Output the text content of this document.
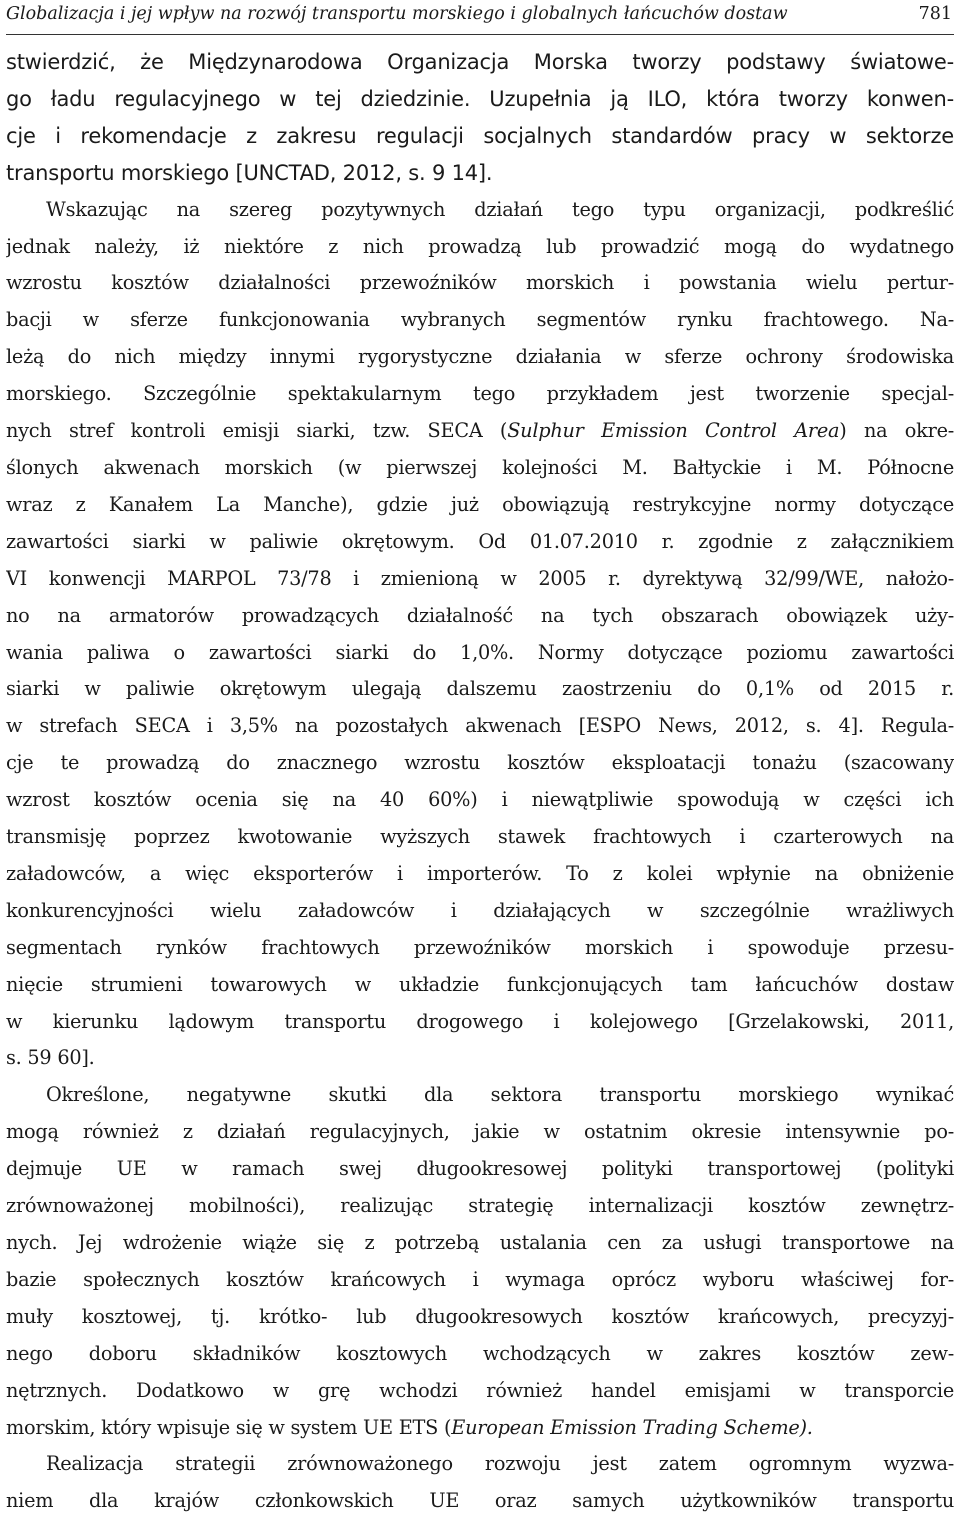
Globalizacja i jej wpływ na rozwój transportu morskiego i globalnych łańcuchów dostaw	781
stwierdzić, że Międzynarodowa Organizacja Morska tworzy podstawy światowe-
go ładu regulacyjnego w tej dziedzinie. Uzupełnia ją ILO, która tworzy konwen-
cje i rekomendacje z zakresu regulacji socjalnych standardów pracy w sektorze
transportu morskiego [UNCTAD, 2012, s. 9 14].
Wskazując na szereg pozytywnych działań tego typu organizacji, podkreślić
jednak należy, iż niektóre z nich prowadzą lub prowadzić mogą do wydatnego
wzrostu kosztów działalności przewoźników morskich i powstania wielu pertur-
bacji w sferze funkcjonowania wybranych segmentów rynku frachtowego. Na-
leżą do nich między innymi rygorystyczne działania w sferze ochrony środowiska
morskiego. Szczególnie spektakularnym tego przykładem jest tworzenie specjal-
nych stref kontroli emisji siarki, tzw. SECA (Sulphur Emission Control Area) na okre-
ślonych akwenach morskich (w pierwszej kolejności M. Bałtyckie i M. Północne
wraz z Kanałem La Manche), gdzie już obowiązują restrykcyjne normy dotyczące
zawartości siarki w paliwie okrętowym. Od 01.07.2010 r. zgodnie z załącznikiem
VI konwencji MARPOL 73/78 i zmienioną w 2005 r. dyrektywą 32/99/WE, nałożo-
no na armatorów prowadzących działalność na tych obszarach obowiązek uży-
wania paliwa o zawartości siarki do 1,0%. Normy dotyczące poziomu zawartości
siarki w paliwie okrętowym ulegają dalszemu zaostrzeniu do 0,1% od 2015 r.
w strefach SECA i 3,5% na pozostałych akwenach [ESPO News, 2012, s. 4]. Regula-
cje te prowadzą do znacznego wzrostu kosztów eksploatacji tonażu (szacowany
wzrost kosztów ocenia się na 40 60%) i niewątpliwie spowodują w części ich
transmisję poprzez kwotowanie wyższych stawek frachtowych i czarterowych na
załadowców, a więc eksporterów i importerów. To z kolei wpłynie na obniżenie
konkurencyjności wielu załadowców i działających w szczególnie wrażliwych
segmentach rynków frachtowych przewoźników morskich i spowoduje przesu-
nięcie strumieni towarowych w układzie funkcjonujących tam łańcuchów dostaw
w kierunku lądowym transportu drogowego i kolejowego [Grzelakowski, 2011,
s. 59 60].
Określone, negatywne skutki dla sektora transportu morskiego wynikać
mogą również z działań regulacyjnych, jakie w ostatnim okresie intensywnie po-
dejmuje UE w ramach swej długookresowej polityki transportowej (polityki
zrównoważonej mobilności), realizując strategię internalizacji kosztów zewnętrz-
nych. Jej wdrożenie wiąże się z potrzebą ustalania cen za usługi transportowe na
bazie społecznych kosztów krańcowych i wymaga oprócz wyboru właściwej for-
muły kosztowej, tj. krótko- lub długookresowych kosztów krańcowych, precyzyj-
nego doboru składników kosztowych wchodzących w zakres kosztów zew-
nętrznych. Dodatkowo w grę wchodzi również handel emisjami w transporcie
morskim, który wpisuje się w system UE ETS (European Emission Trading Scheme).
Realizacja strategii zrównoważonego rozwoju jest zatem ogromnym wyzwa-
niem dla krajów członkowskich UE oraz samych użytkowników transportu
